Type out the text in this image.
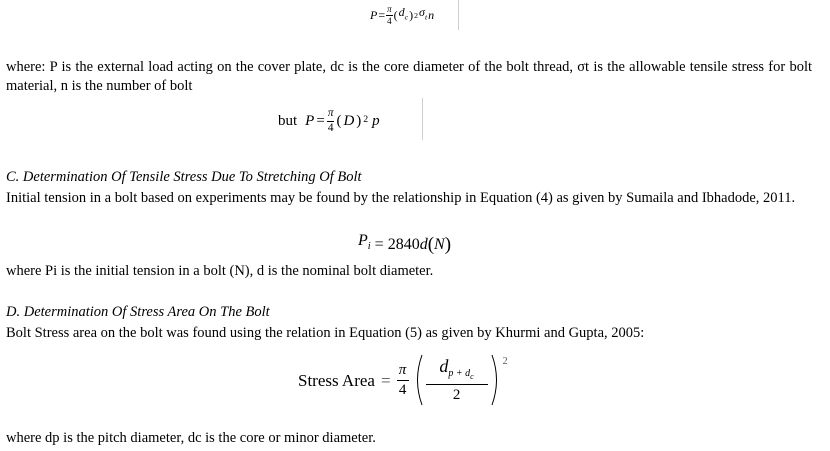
$P = \frac{\pi}{4}$ ( $d_c$ ) 2 $\sigma_t$ n
where: P is the external load acting on the cover plate, dc is the core diameter of the bolt thread, σt is the allowable tensile stress for bolt material, n is the number of bolt
but $P = \frac{\pi}{4}$ ( D ) 2 p
C. Determination Of Tensile Stress Due To Stretching Of Bolt
Initial tension in a bolt based on experiments may be found by the relationship in Equation (4) as given by Sumaila and Ibhadode, 2011.
$P_i = 2840$ d ( N )
where Pi is the initial tension in a bolt (N), d is the nominal bolt diameter.
D. Determination Of Stress Area On The Bolt
Bolt Stress area on the bolt was found using the relation in Equation (5) as given by Khurmi and Gupta, 2005:
Stress Area = $\frac{\pi}{4} \frac{d_{p + d_c}}{2} 2$
where dp is the pitch diameter, dc is the core or minor diameter.
